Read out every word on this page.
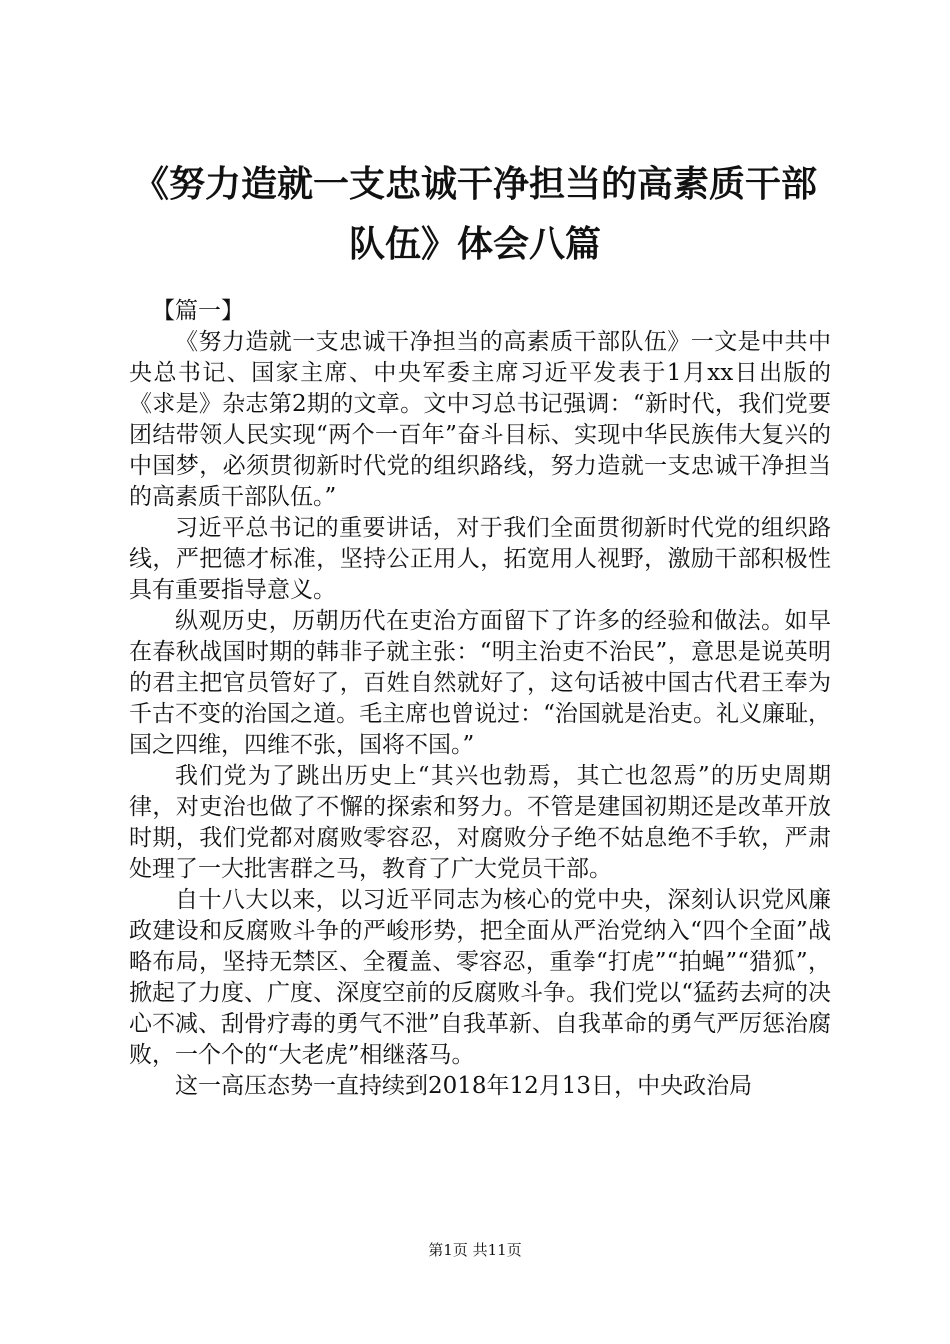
《努力造就一支忠诚干净担当的高素质干部队伍》体会八篇

【篇一】

《努力造就一支忠诚干净担当的高素质干部队伍》一文是中共中央总书记、国家主席、中央军委主席习近平发表于1月xx日出版的《求是》杂志第2期的文章。文中习总书记强调：“新时代，我们党要团结带领人民实现“两个一百年”奋斗目标、实现中华民族伟大复兴的中国梦，必须贯彻新时代党的组织路线，努力造就一支忠诚干净担当的高素质干部队伍。”

习近平总书记的重要讲话，对于我们全面贯彻新时代党的组织路线，严把德才标准，坚持公正用人，拓宽用人视野，激励干部积极性具有重要指导意义。

纵观历史，历朝历代在吏治方面留下了许多的经验和做法。如早在春秋战国时期的韩非子就主张：“明主治吏不治民”，意思是说英明的君主把官员管好了，百姓自然就好了，这句话被中国古代君王奉为千古不变的治国之道。毛主席也曾说过：“治国就是治吏。礼义廉耻，国之四维，四维不张，国将不国。”

我们党为了跳出历史上“其兴也勃焉，其亡也忽焉”的历史周期律，对吏治也做了不懈的探索和努力。不管是建国初期还是改革开放时期，我们党都对腐败零容忍，对腐败分子绝不姑息绝不手软，严肃处理了一大批害群之马，教育了广大党员干部。

自十八大以来，以习近平同志为核心的党中央，深刻认识党风廉政建设和反腐败斗争的严峻形势，把全面从严治党纳入“四个全面”战略布局，坚持无禁区、全覆盖、零容忍，重拳“打虎”“拍蝇”“猎狐”，掀起了力度、广度、深度空前的反腐败斗争。我们党以“猛药去疴的决心不减、刮骨疗毒的勇气不泄”自我革新、自我革命的勇气严厉惩治腐败，一个个的“大老虎”相继落马。

这一高压态势一直持续到2018年12月13日，中央政治局

第1页 共11页
